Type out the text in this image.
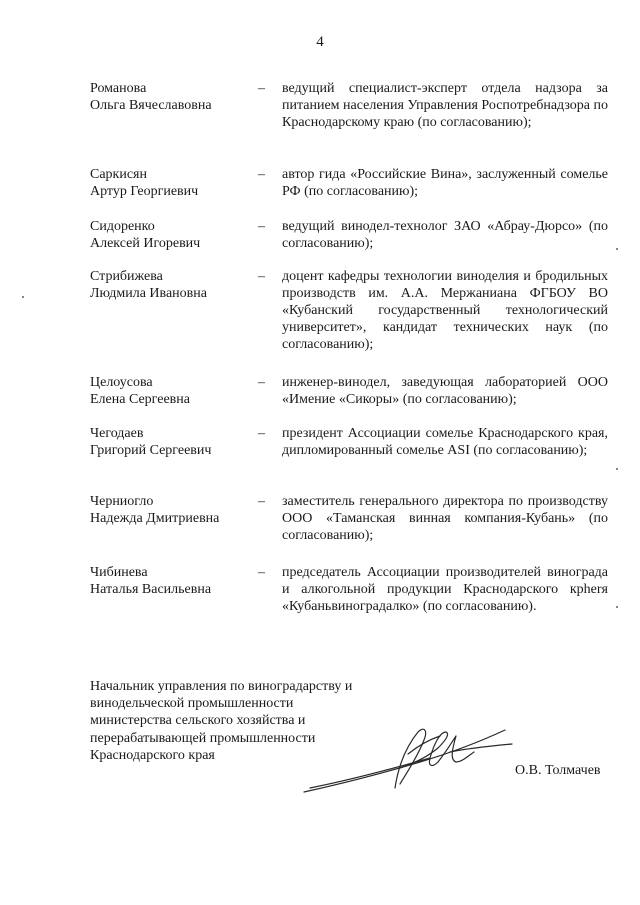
4
Романова
Ольга Вячеславовна
–	ведущий специалист-эксперт отдела надзора за питанием населения Управления Роспотребнадзора по Краснодарскому краю (по согласованию);
Саркисян
Артур Георгиевич
–	автор гида «Российские Вина», заслуженный сомелье РФ (по согласованию);
Сидоренко
Алексей Игоревич
–	ведущий винодел-технолог ЗАО «Абрау-Дюрсо» (по согласованию);
Стрибижева
Людмила Ивановна
–	доцент кафедры технологии виноделия и бродильных производств им. А.А. Мержаниана ФГБОУ ВО «Кубанский государственный технологический университет», кандидат технических наук (по согласованию);
Целоусова
Елена Сергеевна
–	инженер-винодел, заведующая лабораторией ООО «Имение «Сикоры» (по согласованию);
Чегодаев
Григорий Сергеевич
–	президент Ассоциации сомелье Краснодарского края, дипломированный сомелье ASI (по согласованию);
Черниогло
Надежда Дмитриевна
–	заместитель генерального директора по производству ООО «Таманская винная компания-Кубань» (по согласованию);
Чибинева
Наталья Васильевна
–	председатель Ассоциации производителей винограда и алкогольной продукции Краснодарского крherя «Кубаньвиноградалко» (по согласованию).
Начальник управления по виноградарству и винодельческой промышленности министерства сельского хозяйства и перерабатывающей промышленности Краснодарского края
О.В. Толмачев
